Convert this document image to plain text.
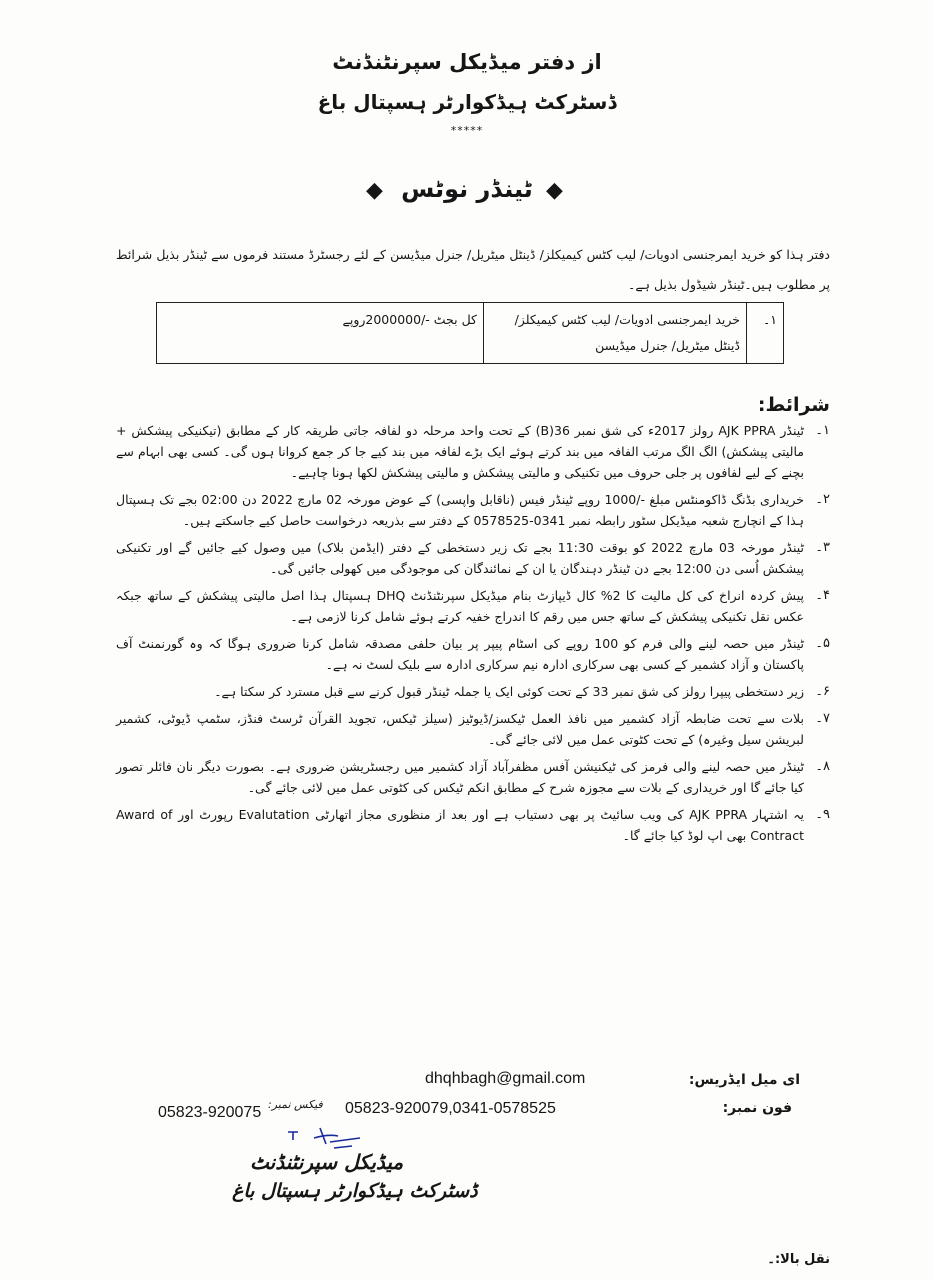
از دفتر میڈیکل سپرنٹنڈنٹ
ڈسٹرکٹ ہیڈکوارٹر ہسپتال باغ
*****
◆ ٹینڈر نوٹس ◆

دفتر ہذا کو خرید ایمرجنسی ادویات/ لیب کٹس کیمیکلز/ ڈینٹل میٹریل/ جنرل میڈیسن کے لئے رجسٹرڈ مستند فرموں سے ٹینڈر بذیل شرائط پر مطلوب ہیں۔ٹینڈر شیڈول بذیل ہے۔

۱۔	خرید ایمرجنسی ادویات/ لیب کٹس کیمیکلز/ ڈینٹل میٹریل/ جنرل میڈیسن	کل بجٹ -/2000000روپے
شرائط:
۱۔
ٹینڈر AJK PPRA رولز 2017ء کی شق نمبر 36(B) کے تحت واحد مرحلہ دو لفافہ جاتی طریقہ کار کے مطابق (تیکنیکی پیشکش + مالیتی پیشکش) الگ الگ مرتب الفافہ میں بند کرتے ہوئے ایک بڑے لفافہ میں بند کیے جا کر جمع کروانا ہوں گی۔ کسی بھی ابہام سے بچنے کے لیے لفافوں پر جلی حروف میں تکنیکی و مالیتی پیشکش و مالیتی پیشکش لکھا ہونا چاہیے۔
۲۔
خریداری بڈنگ ڈاکومنٹس مبلغ -/1000 روپے ٹینڈر فیس (ناقابل واپسی) کے عوض مورخہ 02 مارچ 2022 دن 02:00 بجے تک ہسپتال ہذا کے انچارج شعبہ میڈیکل سٹور رابطہ نمبر 0341-0578525 کے دفتر سے بذریعہ درخواست حاصل کیے جاسکتے ہیں۔
۳۔
ٹینڈر مورخہ 03 مارچ 2022 کو بوقت 11:30 بجے تک زیر دستخطی کے دفتر (ایڈمن بلاک) میں وصول کیے جائیں گے اور تکنیکی پیشکش اُسی دن 12:00 بجے دن ٹینڈر دہندگان یا ان کے نمائندگان کی موجودگی میں کھولی جائیں گی۔
۴۔
پیش کردہ انراخ کی کل مالیت کا 2% کال ڈیپازٹ بنام میڈیکل سپرنٹنڈنٹ DHQ ہسپتال ہذا اصل مالیتی پیشکش کے ساتھ جبکہ عکس نقل تکنیکی پیشکش کے ساتھ جس میں رقم کا اندراج خفیہ کرتے ہوئے شامل کرنا لازمی ہے۔
۵۔
ٹینڈر میں حصہ لینے والی فرم کو 100 روپے کی اسٹام پیپر پر بیان حلفی مصدقہ شامل کرنا ضروری ہوگا کہ وہ گورنمنٹ آف پاکستان و آزاد کشمیر کے کسی بھی سرکاری ادارہ نیم سرکاری ادارہ سے بلیک لسٹ نہ ہے۔
۶۔
زیر دستخطی پیپرا رولز کی شق نمبر 33 کے تحت کوئی ایک یا جملہ ٹینڈر قبول کرنے سے قبل مسترد کر سکتا ہے۔
۷۔
بلات سے تحت ضابطہ آزاد کشمیر میں نافذ العمل ٹیکسز/ڈیوٹیز (سیلز ٹیکس، تجوید القرآن ٹرسٹ فنڈز، سٹمپ ڈیوٹی، کشمیر لبریشن سیل وغیرہ) کے تحت کٹوتی عمل میں لائی جائے گی۔
۸۔
ٹینڈر میں حصہ لینے والی فرمز کی ٹیکنیشن آفس مظفرآباد آزاد کشمیر میں رجسٹریشن ضروری ہے۔ بصورت دیگر نان فائلر تصور کیا جائے گا اور خریداری کے بلات سے مجوزہ شرح کے مطابق انکم ٹیکس کی کٹوتی عمل میں لائی جائے گی۔
۹۔
یہ اشتہار AJK PPRA کی ویب سائیٹ پر بھی دستیاب ہے اور بعد از منظوری مجاز اتھارٹی Evalutation رپورٹ اور Award of Contract بھی اپ لوڈ کیا جائے گا۔
ای میل ایڈریس:
dhqhbagh@gmail.com
فون نمبر:
05823-920079,0341-0578525
فیکس نمبر:
05823-920075
میڈیکل سپرنٹنڈنٹ
ڈسٹرکٹ ہیڈکوارٹر ہسپتال باغ
نقل بالا:۔
